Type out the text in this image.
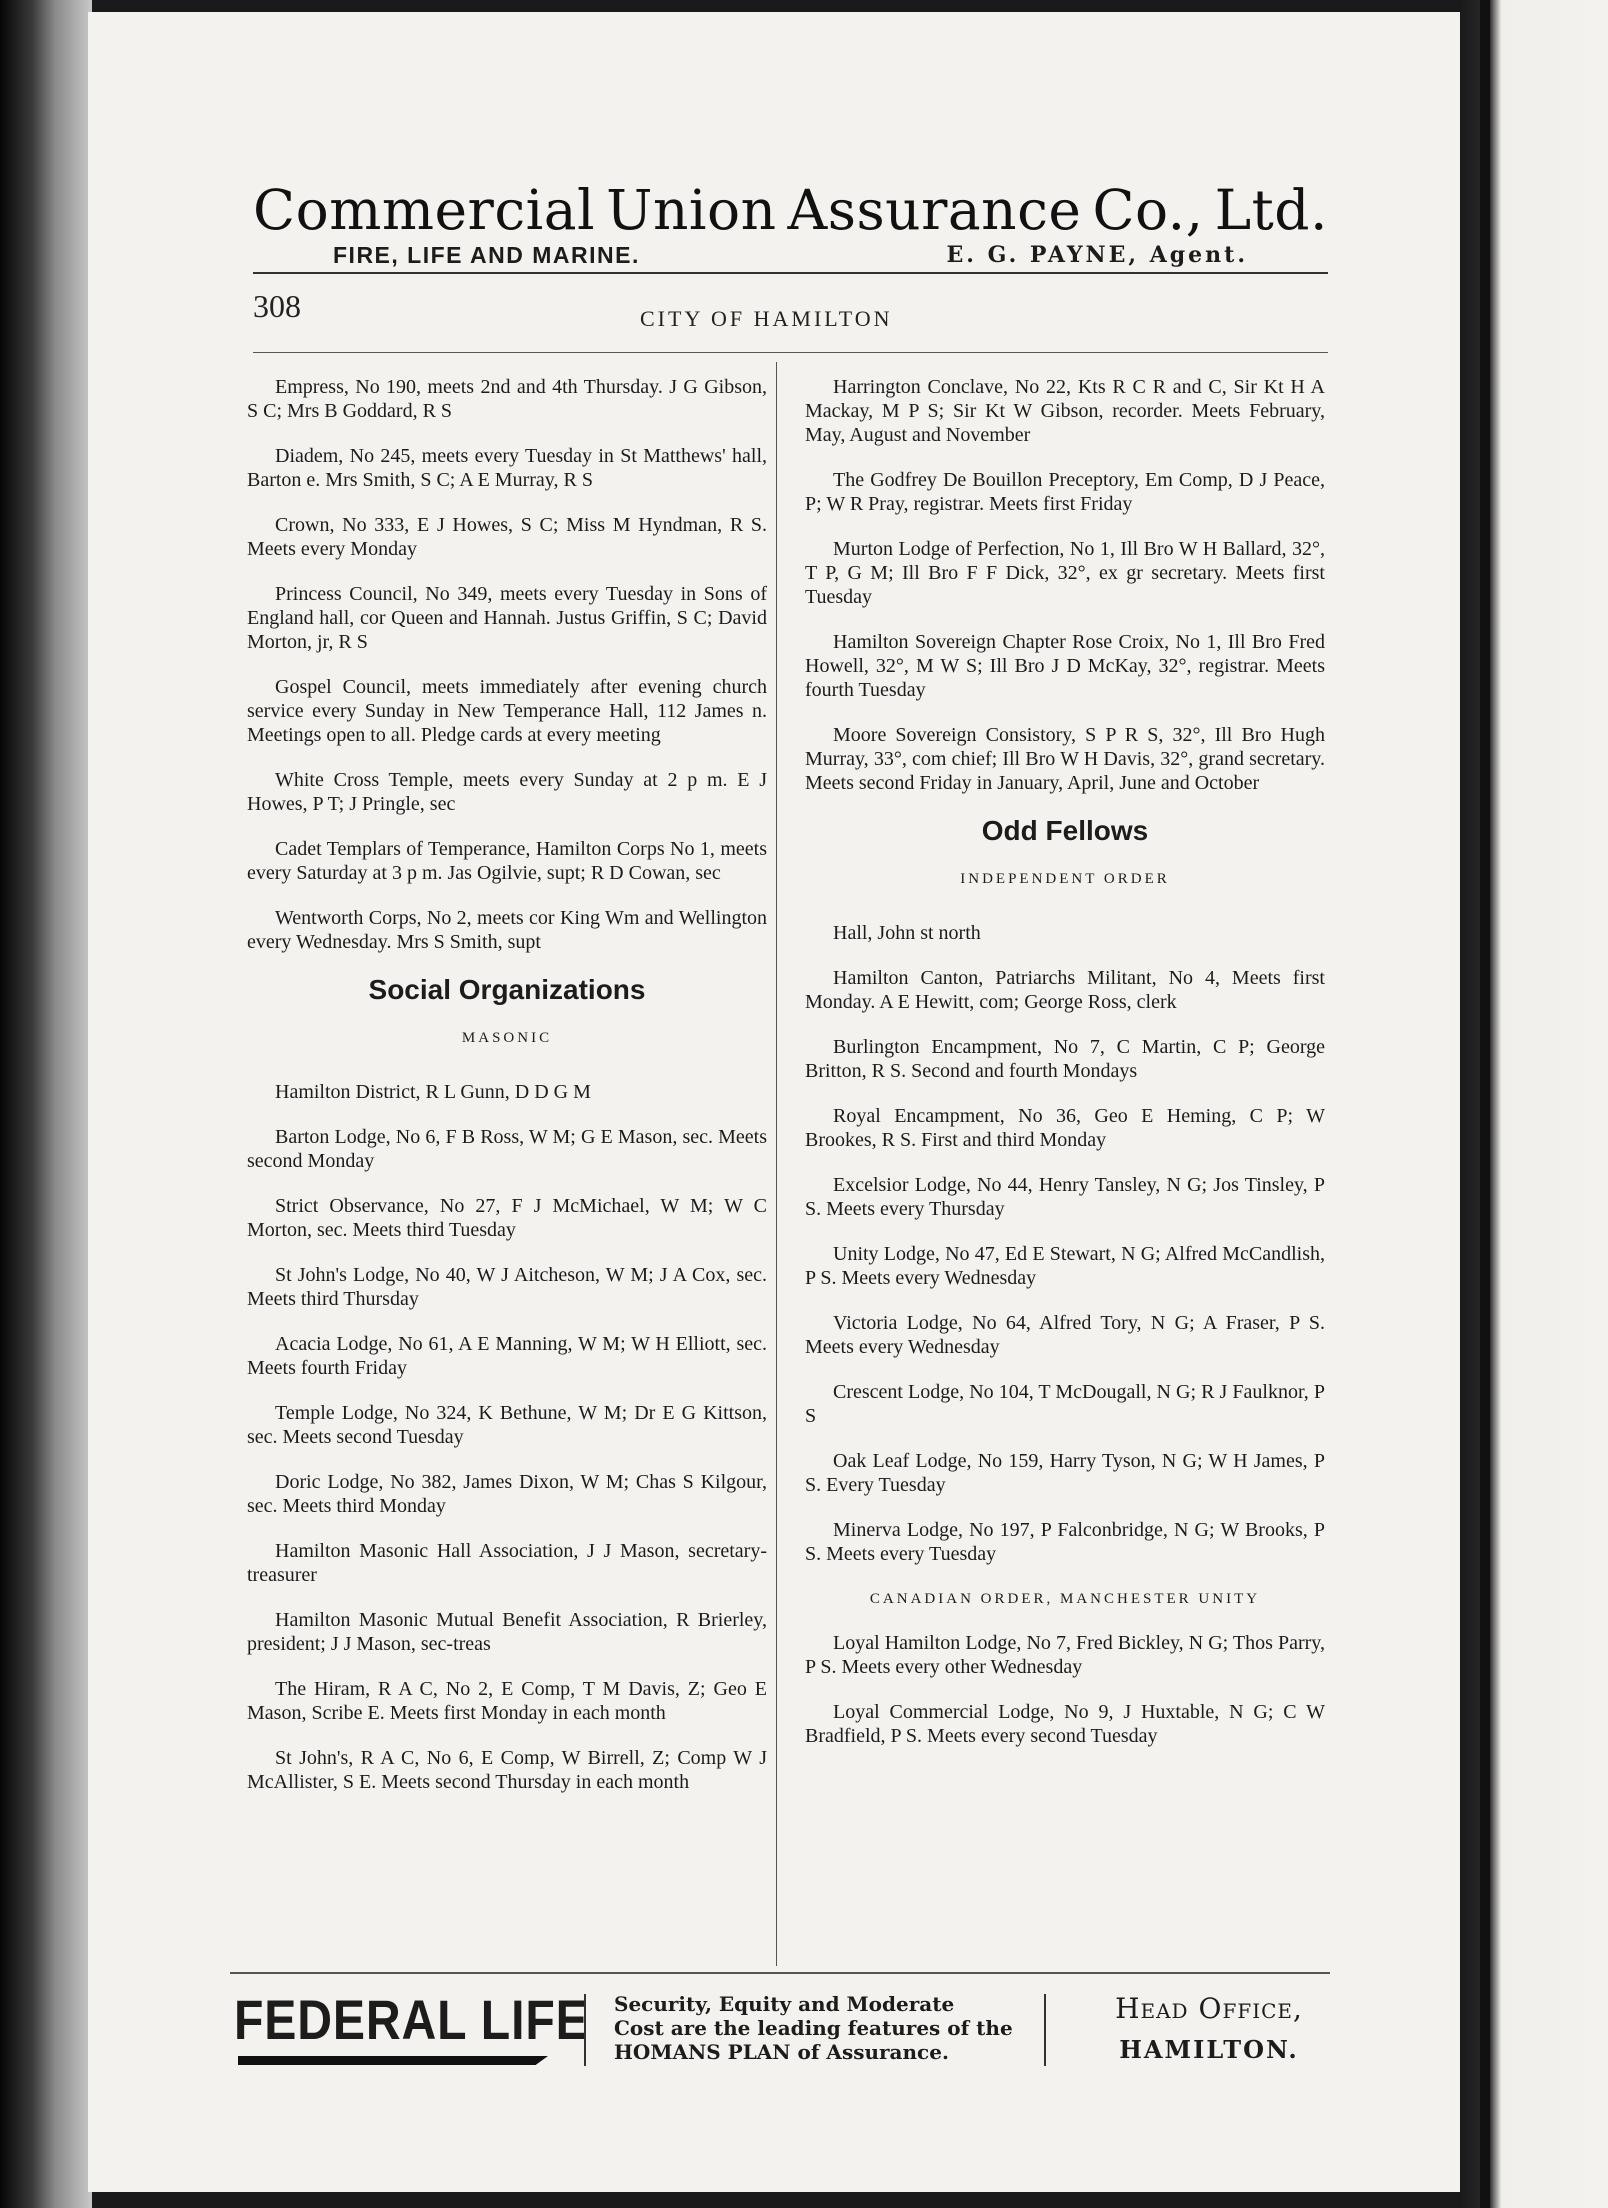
Commercial Union Assurance Co., Ltd.
FIRE, LIFE AND MARINE.	E. G. PAYNE, Agent.
308	CITY OF HAMILTON

Empress, No 190, meets 2nd and 4th Thursday. J G Gibson, S C; Mrs B Goddard, R S

Diadem, No 245, meets every Tuesday in St Matthews' hall, Barton e. Mrs Smith, S C; A E Murray, R S

Crown, No 333, E J Howes, S C; Miss M Hyndman, R S. Meets every Monday

Princess Council, No 349, meets every Tuesday in Sons of England hall, cor Queen and Hannah. Justus Griffin, S C; David Morton, jr, R S

Gospel Council, meets immediately after evening church service every Sunday in New Temperance Hall, 112 James n. Meetings open to all. Pledge cards at every meeting

White Cross Temple, meets every Sunday at 2 p m. E J Howes, P T; J Pringle, sec

Cadet Templars of Temperance, Hamilton Corps No 1, meets every Saturday at 3 p m. Jas Ogilvie, supt; R D Cowan, sec

Wentworth Corps, No 2, meets cor King Wm and Wellington every Wednesday. Mrs S Smith, supt

Social Organizations
MASONIC

Hamilton District, R L Gunn, D D G M

Barton Lodge, No 6, F B Ross, W M; G E Mason, sec. Meets second Monday

Strict Observance, No 27, F J McMichael, W M; W C Morton, sec. Meets third Tuesday

St John's Lodge, No 40, W J Aitcheson, W M; J A Cox, sec. Meets third Thursday

Acacia Lodge, No 61, A E Manning, W M; W H Elliott, sec. Meets fourth Friday

Temple Lodge, No 324, K Bethune, W M; Dr E G Kittson, sec. Meets second Tuesday

Doric Lodge, No 382, James Dixon, W M; Chas S Kilgour, sec. Meets third Monday

Hamilton Masonic Hall Association, J J Mason, secretary-treasurer

Hamilton Masonic Mutual Benefit Association, R Brierley, president; J J Mason, sec-treas

The Hiram, R A C, No 2, E Comp, T M Davis, Z; Geo E Mason, Scribe E. Meets first Monday in each month

St John's, R A C, No 6, E Comp, W Birrell, Z; Comp W J McAllister, S E. Meets second Thursday in each month

Harrington Conclave, No 22, Kts R C R and C, Sir Kt H A Mackay, M P S; Sir Kt W Gibson, recorder. Meets February, May, August and November

The Godfrey De Bouillon Preceptory, Em Comp, D J Peace, P; W R Pray, registrar. Meets first Friday

Murton Lodge of Perfection, No 1, Ill Bro W H Ballard, 32°, T P, G M; Ill Bro F F Dick, 32°, ex gr secretary. Meets first Tuesday

Hamilton Sovereign Chapter Rose Croix, No 1, Ill Bro Fred Howell, 32°, M W S; Ill Bro J D McKay, 32°, registrar. Meets fourth Tuesday

Moore Sovereign Consistory, S P R S, 32°, Ill Bro Hugh Murray, 33°, com chief; Ill Bro W H Davis, 32°, grand secretary. Meets second Friday in January, April, June and October

Odd Fellows
INDEPENDENT ORDER

Hall, John st north

Hamilton Canton, Patriarchs Militant, No 4, Meets first Monday. A E Hewitt, com; George Ross, clerk

Burlington Encampment, No 7, C Martin, C P; George Britton, R S. Second and fourth Mondays

Royal Encampment, No 36, Geo E Heming, C P; W Brookes, R S. First and third Monday

Excelsior Lodge, No 44, Henry Tansley, N G; Jos Tinsley, P S. Meets every Thursday

Unity Lodge, No 47, Ed E Stewart, N G; Alfred McCandlish, P S. Meets every Wednesday

Victoria Lodge, No 64, Alfred Tory, N G; A Fraser, P S. Meets every Wednesday

Crescent Lodge, No 104, T McDougall, N G; R J Faulknor, P S

Oak Leaf Lodge, No 159, Harry Tyson, N G; W H James, P S. Every Tuesday

Minerva Lodge, No 197, P Falconbridge, N G; W Brooks, P S. Meets every Tuesday

CANADIAN ORDER, MANCHESTER UNITY

Loyal Hamilton Lodge, No 7, Fred Bickley, N G; Thos Parry, P S. Meets every other Wednesday

Loyal Commercial Lodge, No 9, J Huxtable, N G; C W Bradfield, P S. Meets every second Tuesday

FEDERAL LIFE Security, Equity and Moderate
Cost are the leading features of the
HOMANS PLAN of Assurance.
Head Office,
HAMILTON.
